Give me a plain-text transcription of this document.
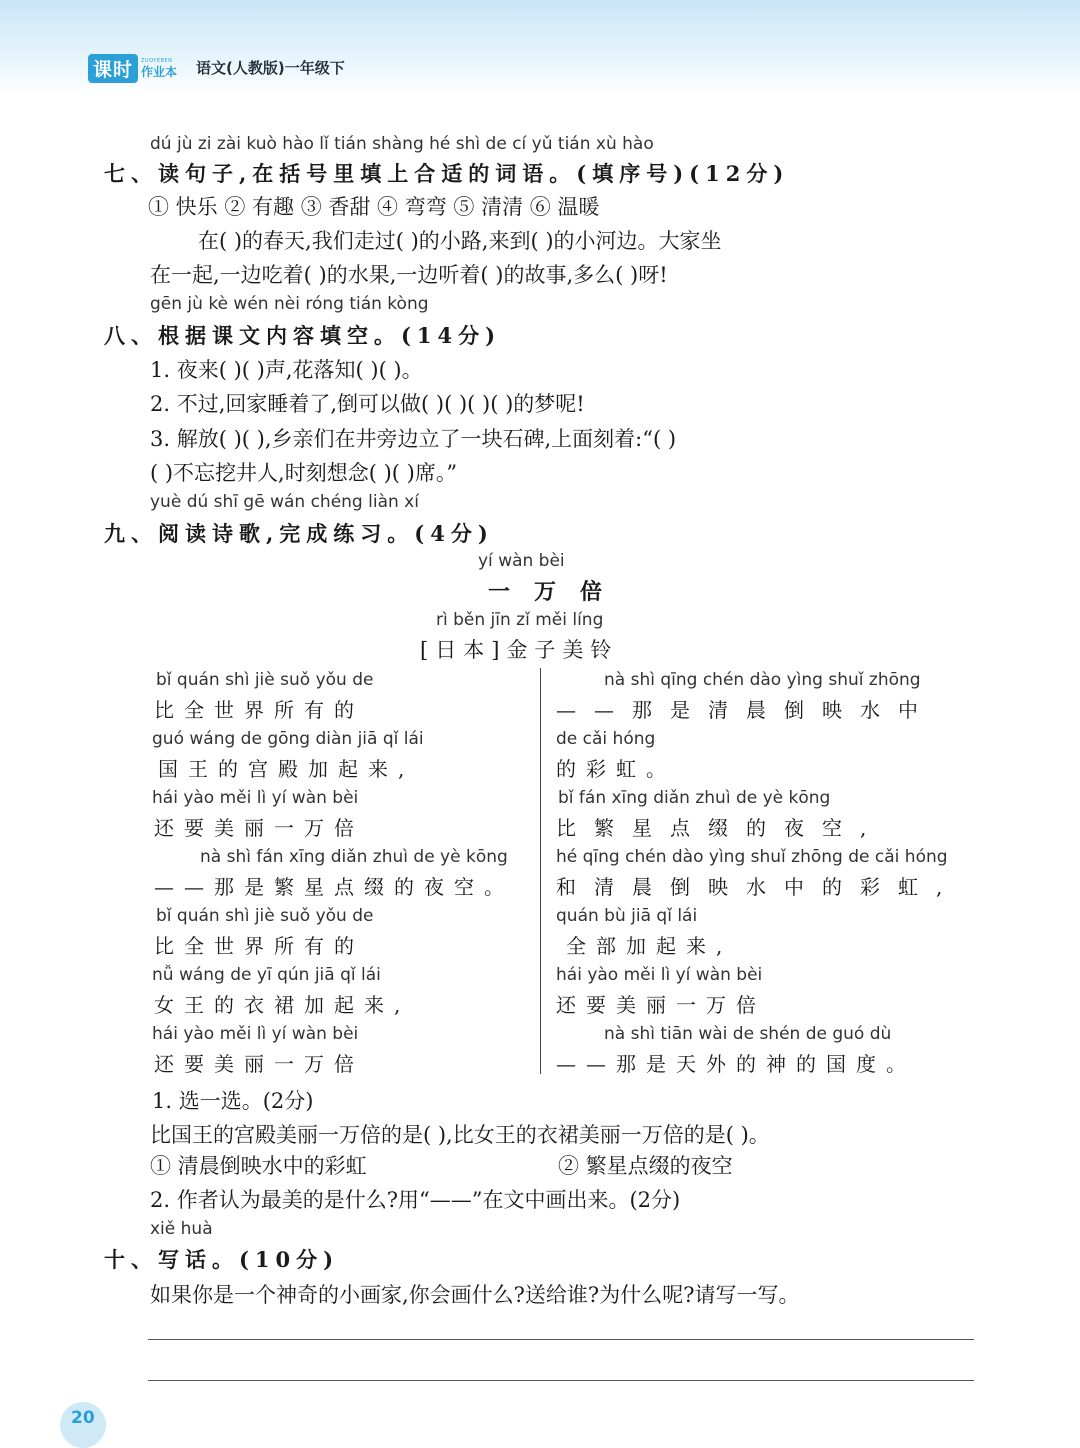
课时	ZUOYEBEN
作业本 语文(人教版)一年级下
dú jù zi zài kuò hào lǐ tián shàng hé shì de cí yǔ tián xù hào
七、读句子,在括号里填上合适的词语。(填序号)(12分)
① 快乐 ② 有趣 ③ 香甜 ④ 弯弯 ⑤ 清清 ⑥ 温暖
在( )的春天,我们走过( )的小路,来到( )的小河边。大家坐
在一起,一边吃着( )的水果,一边听着( )的故事,多么( )呀!
gēn jù kè wén nèi róng tián kòng
八、根据课文内容填空。(14分)
1. 夜来( )( )声,花落知( )( )。
2. 不过,回家睡着了,倒可以做( )( )( )( )的梦呢!
3. 解放( )( ),乡亲们在井旁边立了一块石碑,上面刻着:“( )
( )不忘挖井人,时刻想念( )( )席。”
yuè dú shī gē wán chéng liàn xí
九、阅读诗歌,完成练习。(4分)
yí wàn bèi
一万倍
rì běn jīn zǐ měi líng
[日本]金子美铃
bǐ quán shì jiè suǒ yǒu de
比全世界所有的
guó wáng de gōng diàn jiā qǐ lái
国王的宫殿加起来,
hái yào měi lì yí wàn bèi
还要美丽一万倍
nà shì fán xīng diǎn zhuì de yè kōng
——那是繁星点缀的夜空。
bǐ quán shì jiè suǒ yǒu de
比全世界所有的
nǚ wáng de yī qún jiā qǐ lái
女王的衣裙加起来,
hái yào měi lì yí wàn bèi
还要美丽一万倍
nà shì qīng chén dào yìng shuǐ zhōng
——那是清晨倒映水中
de cǎi hóng
的彩虹。
bǐ fán xīng diǎn zhuì de yè kōng
比繁星点缀的夜空,
hé qīng chén dào yìng shuǐ zhōng de cǎi hóng
和清晨倒映水中的彩虹,
quán bù jiā qǐ lái
全部加起来,
hái yào měi lì yí wàn bèi
还要美丽一万倍
nà shì tiān wài de shén de guó dù
——那是天外的神的国度。
1. 选一选。(2分)
比国王的宫殿美丽一万倍的是( ),比女王的衣裙美丽一万倍的是( )。
① 清晨倒映水中的彩虹	② 繁星点缀的夜空
2. 作者认为最美的是什么?用“——”在文中画出来。(2分)
xiě huà
十、写话。(10分)
如果你是一个神奇的小画家,你会画什么?送给谁?为什么呢?请写一写。
20
